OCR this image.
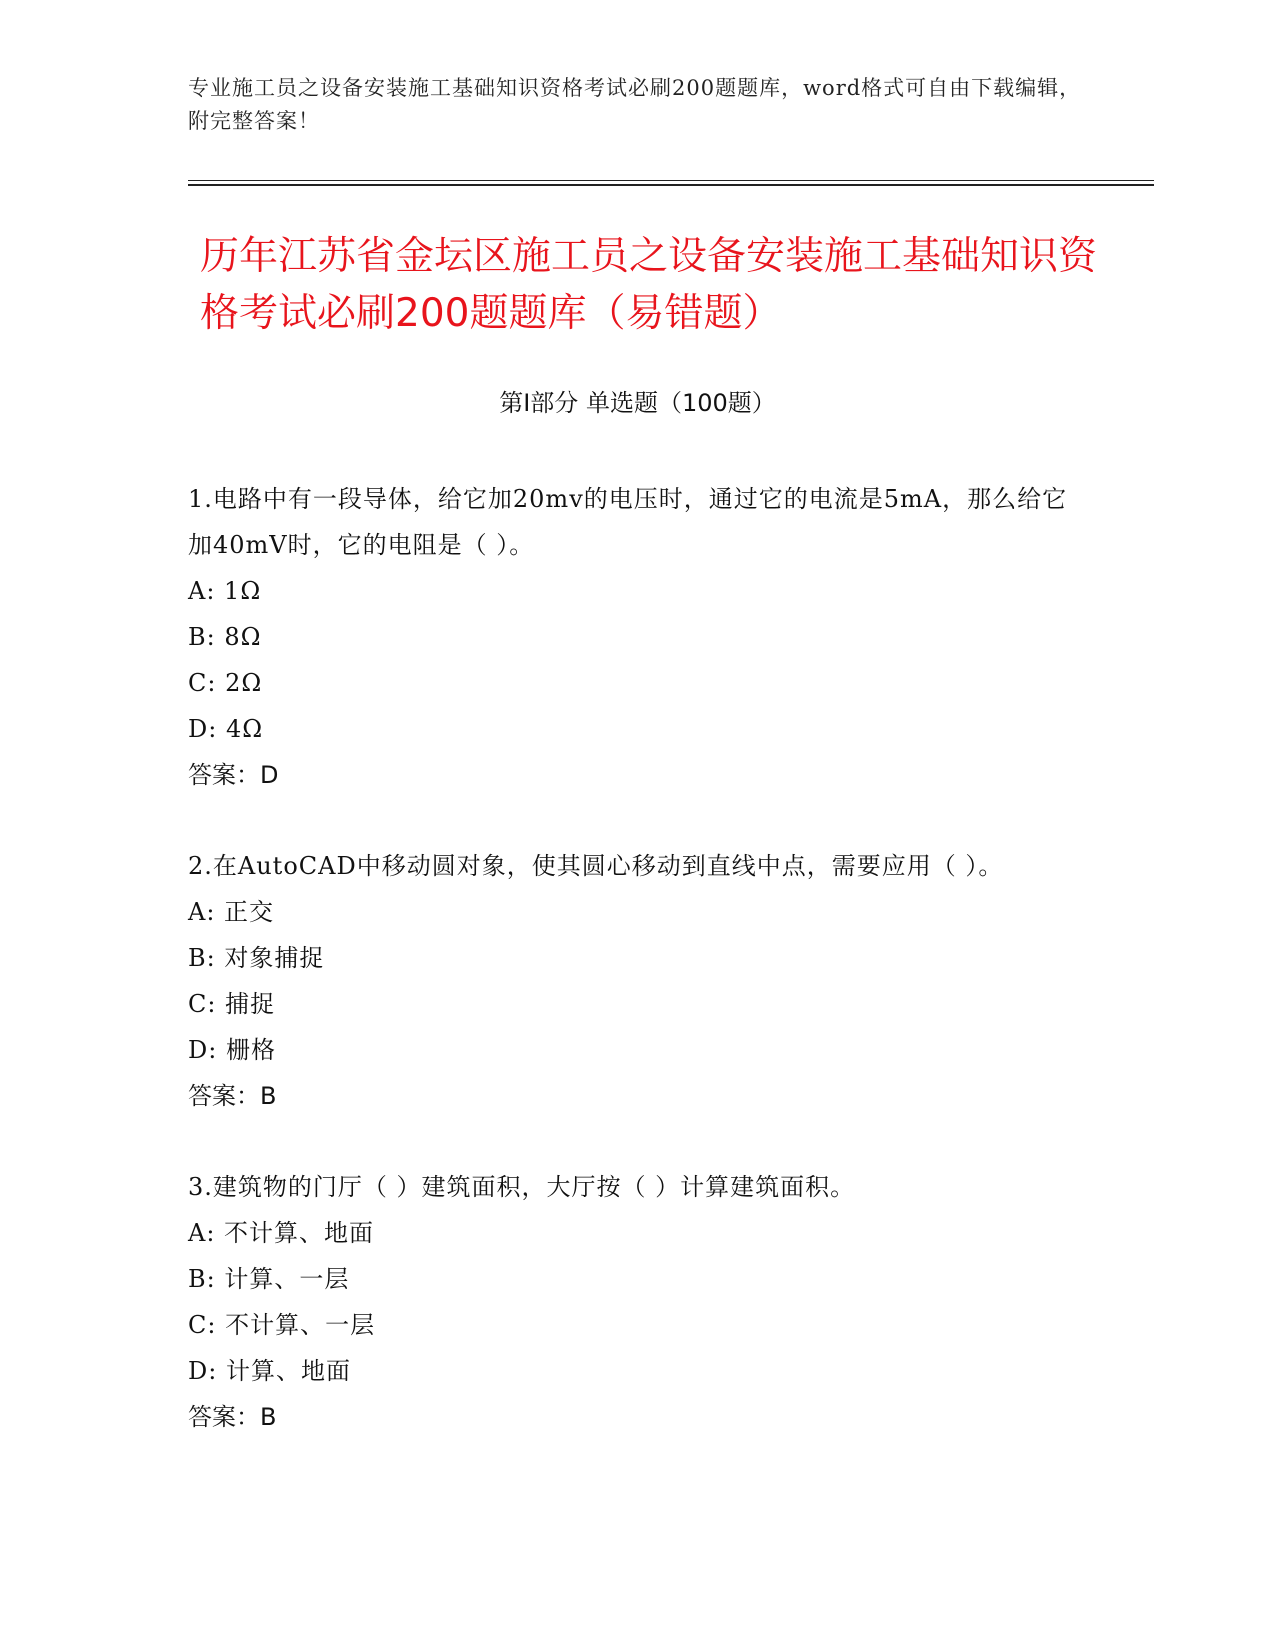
专业施工员之设备安装施工基础知识资格考试必刷200题题库，word格式可自由下载编辑，附完整答案！
历年江苏省金坛区施工员之设备安装施工基础知识资格考试必刷200题题库（易错题）
第Ⅰ部分 单选题（100题）
1.电路中有一段导体，给它加20mv的电压时，通过它的电流是5mA，那么给它加40mV时，它的电阻是（ ）。
A: 1Ω
B: 8Ω
C: 2Ω
D: 4Ω
答案：D
2.在AutoCAD中移动圆对象，使其圆心移动到直线中点，需要应用（ ）。
A: 正交
B: 对象捕捉
C: 捕捉
D: 栅格
答案：B
3.建筑物的门厅（ ）建筑面积，大厅按（ ）计算建筑面积。
A: 不计算、地面
B: 计算、一层
C: 不计算、一层
D: 计算、地面
答案：B
